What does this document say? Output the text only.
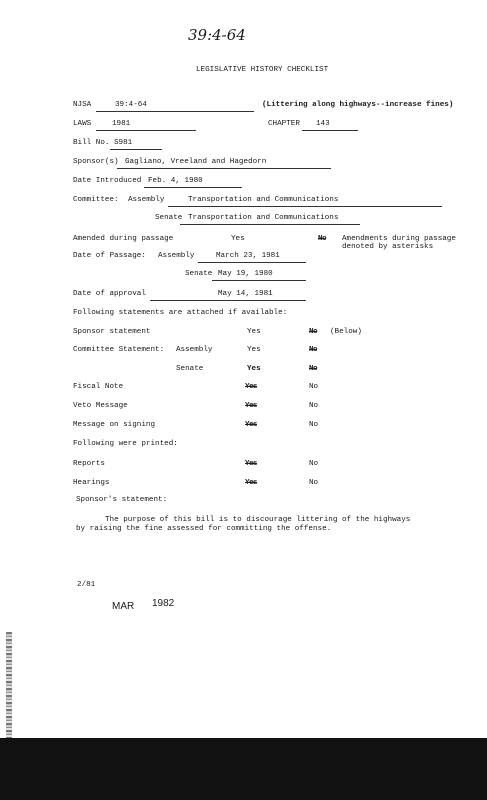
39:4-64
LEGISLATIVE HISTORY CHECKLIST
NJSA	39:4-64	(Littering along highways--increase fines)
LAWS	1981	CHAPTER 143
Bill No. S981
Sponsor(s) Gagliano, Vreeland and Hagedorn
Date Introduced Feb. 4, 1980
Committee: Assembly	Transportation and Communications
Senate Transportation and Communications
Amended during passage	Yes	No Amendments during passage
denoted by asterisks
Date of Passage: Assembly	March 23, 1981
Senate May 19, 1980
Date of approval	May 14, 1981
Following statements are attached if available:
Sponsor statement	Yes	No (Below)
Committee Statement: Assembly	Yes	No
Senate	Yes	No
Fiscal Note	Yes	No
Veto Message	Yes	No
Message on signing	Yes	No
Following were printed:
Reports	Yes	No
Hearings	Yes	No
Sponsor's statement:
The purpose of this bill is to discourage littering of the highways
by raising the fine assessed for committing the offense.
2/81
MAR 1982
